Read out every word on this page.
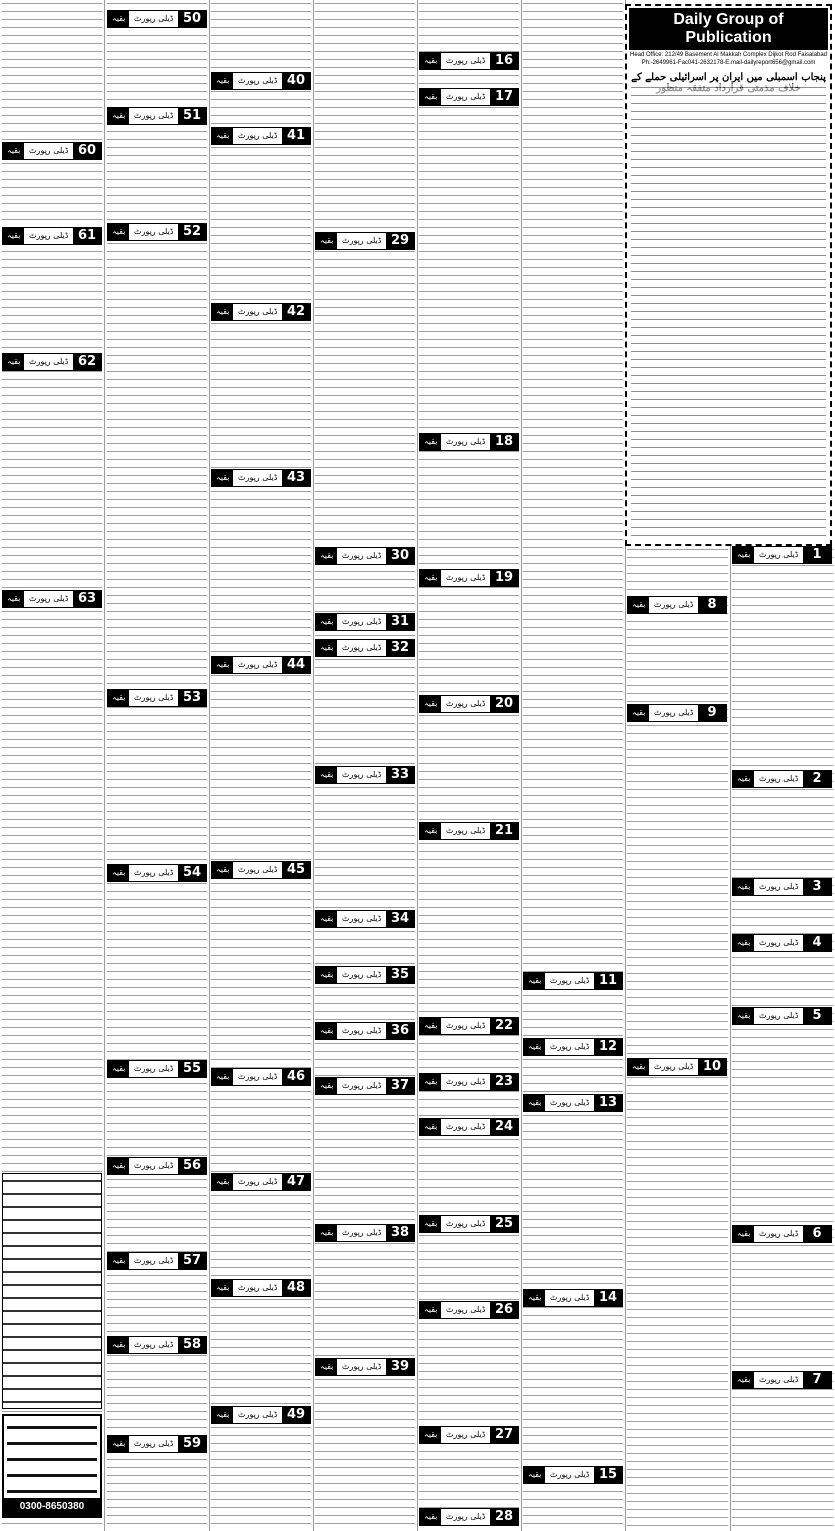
Daily Group of Publication
Head Office: 212/49 Basement Al Makkah Complex Dijkot Rod Faisalabad
Ph:-2649961-Fac041-2632178-E.mail-dailyreport656@gmail.com
پنجاب اسمبلی میں ایران پر اسرائیلی حملے کے
0300-8650380
1
ڈیلی رپورٹ
بقیہ
2
ڈیلی رپورٹ
بقیہ
3
ڈیلی رپورٹ
بقیہ
4
ڈیلی رپورٹ
بقیہ
5
ڈیلی رپورٹ
بقیہ
6
ڈیلی رپورٹ
بقیہ
7
ڈیلی رپورٹ
بقیہ
8
ڈیلی رپورٹ
بقیہ
9
ڈیلی رپورٹ
بقیہ
10
ڈیلی رپورٹ
بقیہ
11
ڈیلی رپورٹ
بقیہ
12
ڈیلی رپورٹ
بقیہ
13
ڈیلی رپورٹ
بقیہ
14
ڈیلی رپورٹ
بقیہ
15
ڈیلی رپورٹ
بقیہ
16
ڈیلی رپورٹ
بقیہ
17
ڈیلی رپورٹ
بقیہ
18
ڈیلی رپورٹ
بقیہ
19
ڈیلی رپورٹ
بقیہ
20
ڈیلی رپورٹ
بقیہ
21
ڈیلی رپورٹ
بقیہ
22
ڈیلی رپورٹ
بقیہ
23
ڈیلی رپورٹ
بقیہ
24
ڈیلی رپورٹ
بقیہ
25
ڈیلی رپورٹ
بقیہ
26
ڈیلی رپورٹ
بقیہ
27
ڈیلی رپورٹ
بقیہ
28
ڈیلی رپورٹ
بقیہ
29
ڈیلی رپورٹ
بقیہ
30
ڈیلی رپورٹ
بقیہ
31
ڈیلی رپورٹ
بقیہ
32
ڈیلی رپورٹ
بقیہ
33
ڈیلی رپورٹ
بقیہ
34
ڈیلی رپورٹ
بقیہ
35
ڈیلی رپورٹ
بقیہ
36
ڈیلی رپورٹ
بقیہ
37
ڈیلی رپورٹ
بقیہ
38
ڈیلی رپورٹ
بقیہ
39
ڈیلی رپورٹ
بقیہ
40
ڈیلی رپورٹ
بقیہ
41
ڈیلی رپورٹ
بقیہ
42
ڈیلی رپورٹ
بقیہ
43
ڈیلی رپورٹ
بقیہ
44
ڈیلی رپورٹ
بقیہ
45
ڈیلی رپورٹ
بقیہ
46
ڈیلی رپورٹ
بقیہ
47
ڈیلی رپورٹ
بقیہ
48
ڈیلی رپورٹ
بقیہ
49
ڈیلی رپورٹ
بقیہ
50
ڈیلی رپورٹ
بقیہ
51
ڈیلی رپورٹ
بقیہ
52
ڈیلی رپورٹ
بقیہ
53
ڈیلی رپورٹ
بقیہ
54
ڈیلی رپورٹ
بقیہ
55
ڈیلی رپورٹ
بقیہ
56
ڈیلی رپورٹ
بقیہ
57
ڈیلی رپورٹ
بقیہ
58
ڈیلی رپورٹ
بقیہ
59
ڈیلی رپورٹ
بقیہ
60
ڈیلی رپورٹ
بقیہ
61
ڈیلی رپورٹ
بقیہ
62
ڈیلی رپورٹ
بقیہ
63
ڈیلی رپورٹ
بقیہ
